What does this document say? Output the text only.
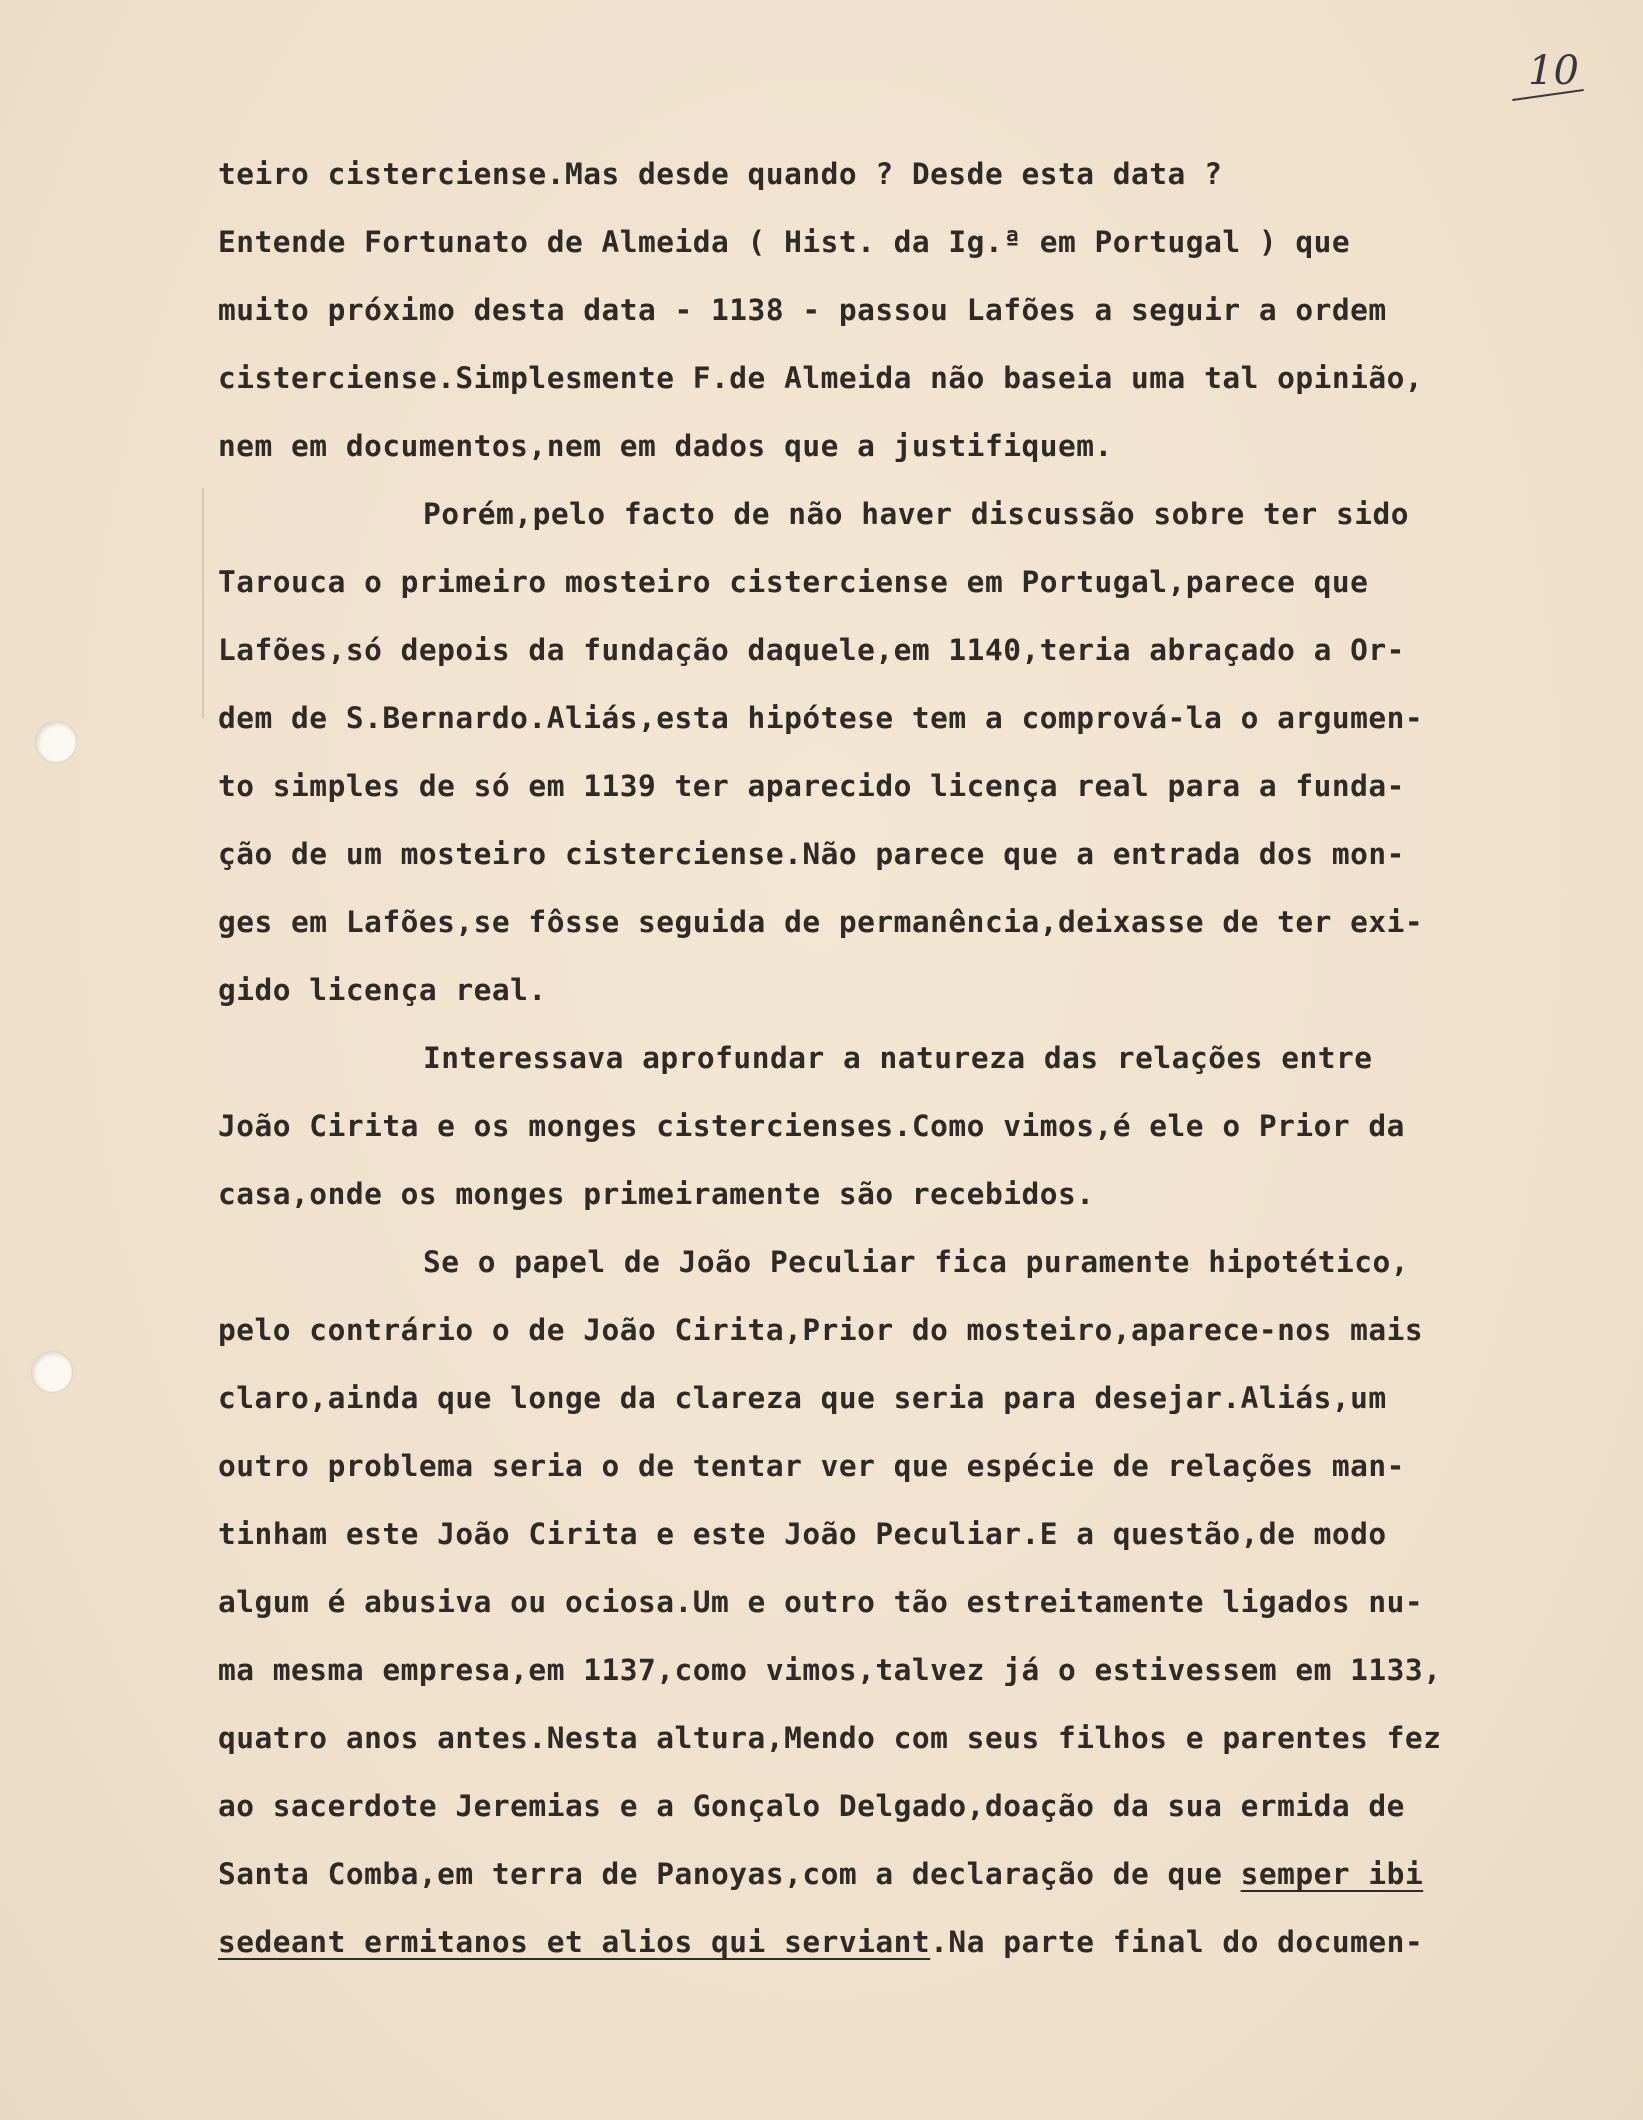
10
teiro cisterciense.Mas desde quando ? Desde esta data ?
Entende Fortunato de Almeida ( Hist. da Ig.ª em Portugal ) que
muito próximo desta data - 1138 - passou Lafões a seguir a ordem
cisterciense.Simplesmente F.de Almeida não baseia uma tal opinião,
nem em documentos,nem em dados que a justifiquem.
Porém,pelo facto de não haver discussão sobre ter sido
Tarouca o primeiro mosteiro cisterciense em Portugal,parece que
Lafões,só depois da fundação daquele,em 1140,teria abraçado a Or-
dem de S.Bernardo.Aliás,esta hipótese tem a comprová-la o argumen-
to simples de só em 1139 ter aparecido licença real para a funda-
ção de um mosteiro cisterciense.Não parece que a entrada dos mon-
ges em Lafões,se fôsse seguida de permanência,deixasse de ter exi-
gido licença real.
Interessava aprofundar a natureza das relações entre
João Cirita e os monges cistercienses.Como vimos,é ele o Prior da
casa,onde os monges primeiramente são recebidos.
Se o papel de João Peculiar fica puramente hipotético,
pelo contrário o de João Cirita,Prior do mosteiro,aparece-nos mais
claro,ainda que longe da clareza que seria para desejar.Aliás,um
outro problema seria o de tentar ver que espécie de relações man-
tinham este João Cirita e este João Peculiar.E a questão,de modo
algum é abusiva ou ociosa.Um e outro tão estreitamente ligados nu-
ma mesma empresa,em 1137,como vimos,talvez já o estivessem em 1133,
quatro anos antes.Nesta altura,Mendo com seus filhos e parentes fez
ao sacerdote Jeremias e a Gonçalo Delgado,doação da sua ermida de
Santa Comba,em terra de Panoyas,com a declaração de que semper ibi
sedeant ermitanos et alios qui serviant.Na parte final do documen-
